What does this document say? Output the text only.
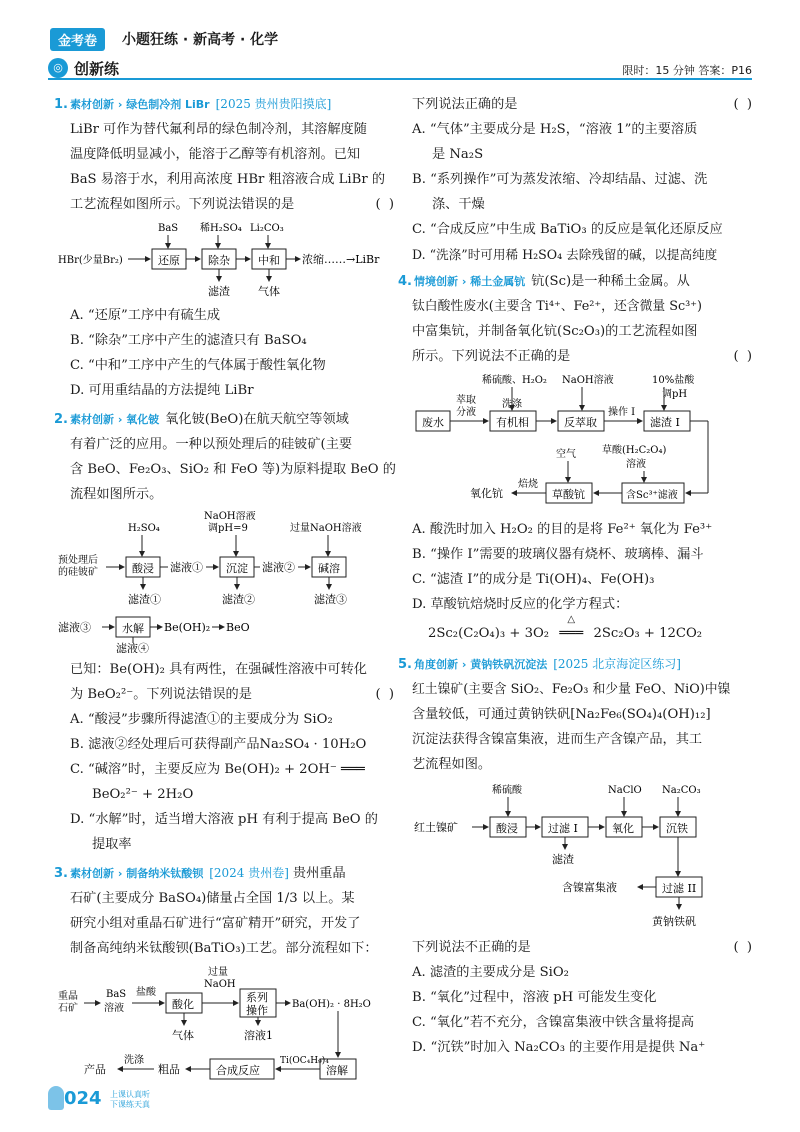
金考卷	小题狂练 · 新高考 · 化学
◎ 创新练	限时：15 分钟 答案：P16
1. 素材创新 › 绿色制冷剂 LiBr [2025 贵州贵阳摸底]
LiBr 可作为替代氟利昂的绿色制冷剂，其溶解度随
温度降低明显减小，能溶于乙醇等有机溶剂。已知
BaS 易溶于水，利用高浓度 HBr 粗溶液合成 LiBr 的
工艺流程如图所示。下列说法错误的是	( )
HBr(少量Br₂)
BaS
还原
稀H₂SO₄
除杂
滤渣
Li₂CO₃
中和
气体
浓缩……→LiBr
A. “还原”工序中有硫生成
B. “除杂”工序中产生的滤渣只有 BaSO₄
C. “中和”工序中产生的气体属于酸性氧化物
D. 可用重结晶的方法提纯 LiBr
2. 素材创新 › 氧化铍 氧化铍(BeO)在航天航空等领域
有着广泛的应用。一种以预处理后的硅铍矿(主要
含 BeO、Fe₂O₃、SiO₂ 和 FeO 等)为原料提取 BeO 的
流程如图所示。
预处理后
的硅铍矿
H₂SO₄
酸浸
滤渣①
滤液①
NaOH溶液
调pH=9
沉淀
滤渣②
滤液②
过量NaOH溶液
碱溶
滤渣③
滤液③	水解 Be(OH)₂ BeO
滤液④
已知：Be(OH)₂ 具有两性，在强碱性溶液中可转化
为 BeO₂²⁻。下列说法错误的是	( )
A. “酸浸”步骤所得滤渣①的主要成分为 SiO₂
B. 滤液②经处理后可获得副产品Na₂SO₄ · 10H₂O
C. “碱溶”时，主要反应为 Be(OH)₂ + 2OH⁻ ═══
BeO₂²⁻ + 2H₂O
D. “水解”时，适当增大溶液 pH 有利于提高 BeO 的
提取率
3. 素材创新 › 制备纳米钛酸钡 [2024 贵州卷] 贵州重晶
石矿(主要成分 BaSO₄)储量占全国 1/3 以上。某
研究小组对重晶石矿进行“富矿精开”研究，开发了
制备高纯纳米钛酸钡(BaTiO₃)工艺。部分流程如下：
重晶
石矿
BaS
溶液
盐酸
酸化
气体
过量
NaOH
系列
操作
溶液1
Ba(OH)₂ · 8H₂O
溶解
Ti(OC₄H₉)₄
合成反应
粗品
洗涤
产品
下列说法正确的是	( )
A. “气体”主要成分是 H₂S，“溶液 1”的主要溶质
是 Na₂S
B. “系列操作”可为蒸发浓缩、冷却结晶、过滤、洗
涤、干燥
C. “合成反应”中生成 BaTiO₃ 的反应是氧化还原反应
D. “洗涤”时可用稀 H₂SO₄ 去除残留的碱，以提高纯度
4. 情境创新 › 稀土金属钪 钪(Sc)是一种稀土金属。从
钛白酸性废水(主要含 Ti⁴⁺、Fe²⁺，还含微量 Sc³⁺)
中富集钪，并制备氧化钪(Sc₂O₃)的工艺流程如图
所示。下列说法不正确的是	( )
废水
萃取
分液
稀硫酸、H₂O₂
洗涤
有机相
NaOH溶液
反萃取
操作 I
10%盐酸
调pH
滤渣 I
草酸(H₂C₂O₄)
溶液
含Sc³⁺滤液
空气
草酸钪
焙烧
氧化钪
A. 酸洗时加入 H₂O₂ 的目的是将 Fe²⁺ 氧化为 Fe³⁺
B. “操作 I”需要的玻璃仪器有烧杯、玻璃棒、漏斗
C. “滤渣 I”的成分是 Ti(OH)₄、Fe(OH)₃
D. 草酸钪焙烧时反应的化学方程式：
2Sc₂(C₂O₄)₃ + 3O₂
△
═══ 2Sc₂O₃ + 12CO₂
5. 角度创新 › 黄钠铁矾沉淀法 [2025 北京海淀区练习]
红土镍矿(主要含 SiO₂、Fe₂O₃ 和少量 FeO、NiO)中镍
含量较低，可通过黄钠铁矾[Na₂Fe₆(SO₄)₄(OH)₁₂]
沉淀法获得含镍富集液，进而生产含镍产品，其工
艺流程如图。
红土镍矿
稀硫酸
酸浸	过滤 I
滤渣
NaClO
氧化
Na₂CO₃
沉铁
过滤 II
含镍富集液
黄钠铁矾
下列说法不正确的是	( )
A. 滤渣的主要成分是 SiO₂
B. “氧化”过程中，溶液 pH 可能发生变化
C. “氧化”若不充分，含镍富集液中铁含量将提高
D. “沉铁”时加入 Na₂CO₃ 的主要作用是提供 Na⁺
024 上课认真听
下课练天真
